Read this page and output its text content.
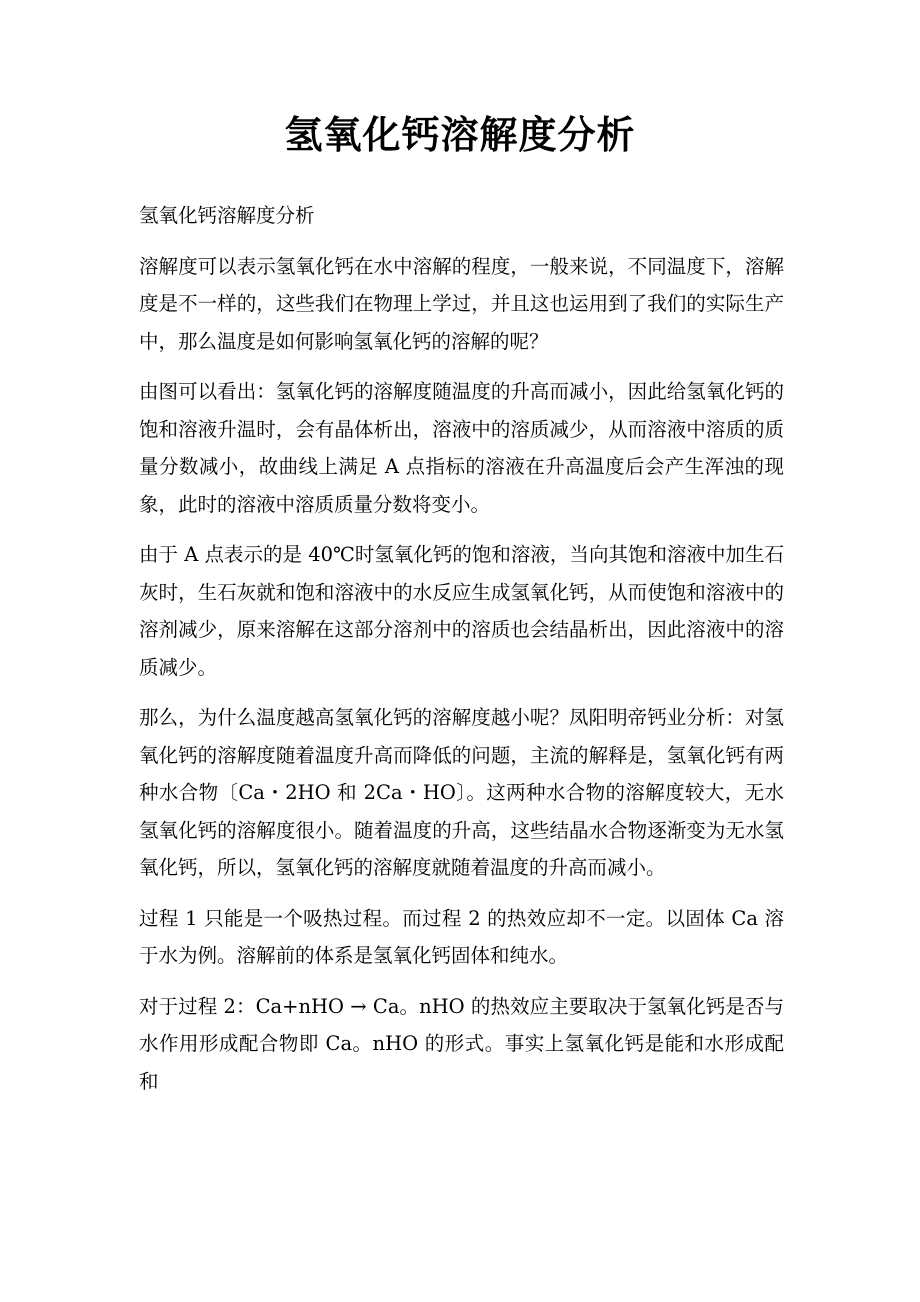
氢氧化钙溶解度分析

氢氧化钙溶解度分析

溶解度可以表示氢氧化钙在水中溶解的程度，一般来说，不同温度下，溶解度是不一样的，这些我们在物理上学过，并且这也运用到了我们的实际生产中，那么温度是如何影响氢氧化钙的溶解的呢？

由图可以看出：氢氧化钙的溶解度随温度的升高而减小，因此给氢氧化钙的饱和溶液升温时，会有晶体析出，溶液中的溶质减少，从而溶液中溶质的质量分数减小，故曲线上满足 A 点指标的溶液在升高温度后会产生浑浊的现象，此时的溶液中溶质质量分数将变小。

由于 A 点表示的是 40℃时氢氧化钙的饱和溶液，当向其饱和溶液中加生石灰时，生石灰就和饱和溶液中的水反应生成氢氧化钙，从而使饱和溶液中的溶剂减少，原来溶解在这部分溶剂中的溶质也会结晶析出，因此溶液中的溶质减少。

那么，为什么温度越高氢氧化钙的溶解度越小呢？凤阳明帝钙业分析：对氢氧化钙的溶解度随着温度升高而降低的问题，主流的解释是，氢氧化钙有两种水合物〔Ca・2HO 和 2Ca・HO〕。这两种水合物的溶解度较大，无水氢氧化钙的溶解度很小。随着温度的升高，这些结晶水合物逐渐变为无水氢氧化钙，所以，氢氧化钙的溶解度就随着温度的升高而减小。

过程 1 只能是一个吸热过程。而过程 2 的热效应却不一定。以固体 Ca 溶于水为例。溶解前的体系是氢氧化钙固体和纯水。

对于过程 2：Ca+nHO → Ca。nHO 的热效应主要取决于氢氧化钙是否与水作用形成配合物即 Ca。nHO 的形式。事实上氢氧化钙是能和水形成配和
